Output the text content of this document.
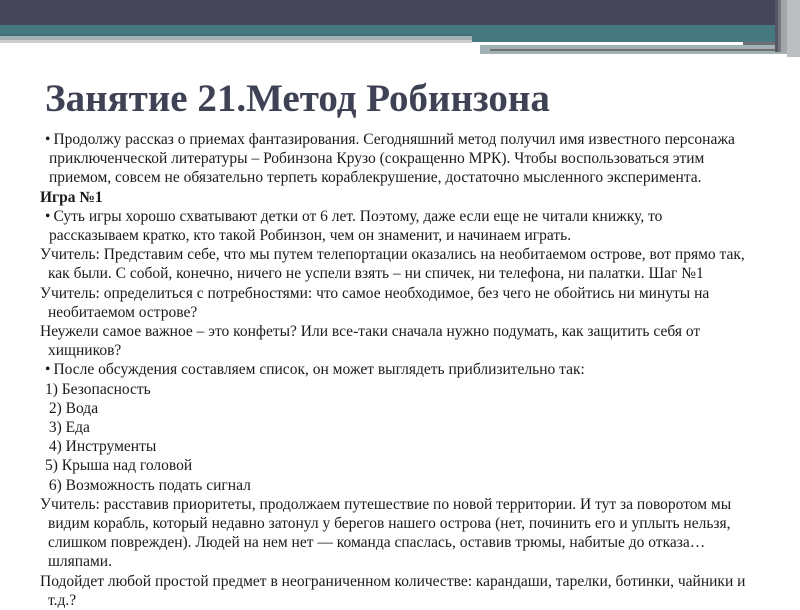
Занятие 21.Метод Робинзона
• Продолжу рассказ о приемах фантазирования. Сегодняшний метод получил имя известного персонажа приключенческой литературы – Робинзона Крузо (сокращенно МРК). Чтобы воспользоваться этим приемом, совсем не обязательно терпеть кораблекрушение, достаточно мысленного эксперимента.
Игра №1
• Суть игры хорошо схватывают детки от 6 лет. Поэтому, даже если еще не читали книжку, то рассказываем кратко, кто такой Робинзон, чем он знаменит, и начинаем играть.
Учитель: Представим себе, что мы путем телепортации оказались на необитаемом острове, вот прямо так, как были. С собой, конечно, ничего не успели взять – ни спичек, ни телефона, ни палатки. Шаг №1
Учитель: определиться с потребностями: что самое необходимое, без чего не обойтись ни минуты на необитаемом острове?
Неужели самое важное – это конфеты? Или все-таки сначала нужно подумать, как защитить себя от хищников?
• После обсуждения составляем список, он может выглядеть приблизительно так:
1) Безопасность
2) Вода
3) Еда
4) Инструменты
5) Крыша над головой
6) Возможность подать сигнал
Учитель: расставив приоритеты, продолжаем путешествие по новой территории. И тут за поворотом мы видим корабль, который недавно затонул у берегов нашего острова (нет, починить его и уплыть нельзя, слишком поврежден). Людей на нем нет — команда спаслась, оставив трюмы, набитые до отказа… шляпами.
Подойдет любой простой предмет в неограниченном количестве: карандаши, тарелки, ботинки, чайники и т.д.?
